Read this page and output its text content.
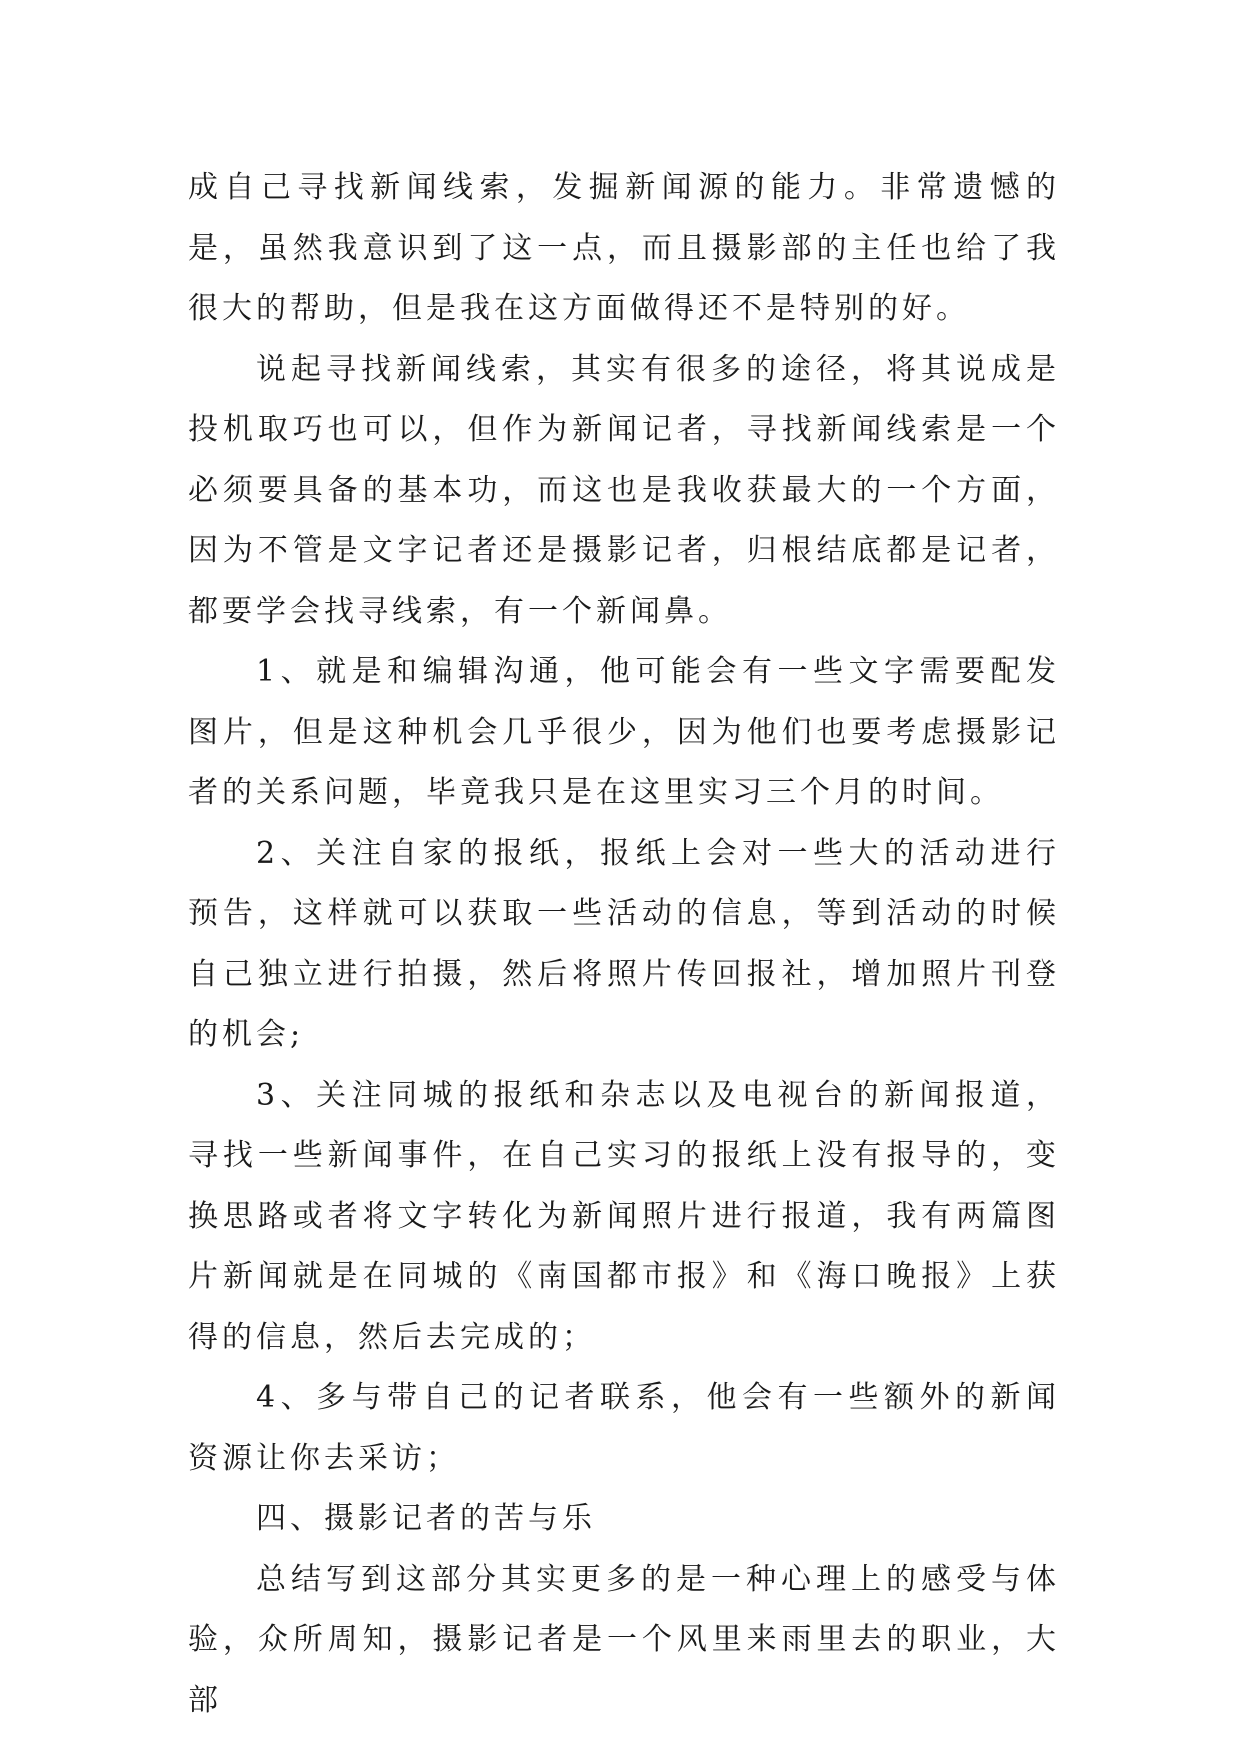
成自己寻找新闻线索，发掘新闻源的能力。非常遗憾的是，虽然我意识到了这一点，而且摄影部的主任也给了我很大的帮助，但是我在这方面做得还不是特别的好。

说起寻找新闻线索，其实有很多的途径，将其说成是投机取巧也可以，但作为新闻记者，寻找新闻线索是一个必须要具备的基本功，而这也是我收获最大的一个方面，因为不管是文字记者还是摄影记者，归根结底都是记者，都要学会找寻线索，有一个新闻鼻。

1、就是和编辑沟通，他可能会有一些文字需要配发图片，但是这种机会几乎很少，因为他们也要考虑摄影记者的关系问题，毕竟我只是在这里实习三个月的时间。

2、关注自家的报纸，报纸上会对一些大的活动进行预告，这样就可以获取一些活动的信息，等到活动的时候自己独立进行拍摄，然后将照片传回报社，增加照片刊登的机会;

3、关注同城的报纸和杂志以及电视台的新闻报道，寻找一些新闻事件，在自己实习的报纸上没有报导的，变换思路或者将文字转化为新闻照片进行报道，我有两篇图片新闻就是在同城的《南国都市报》和《海口晚报》上获得的信息，然后去完成的；

4、多与带自己的记者联系，他会有一些额外的新闻资源让你去采访；

四、摄影记者的苦与乐

总结写到这部分其实更多的是一种心理上的感受与体验，众所周知，摄影记者是一个风里来雨里去的职业，大部
